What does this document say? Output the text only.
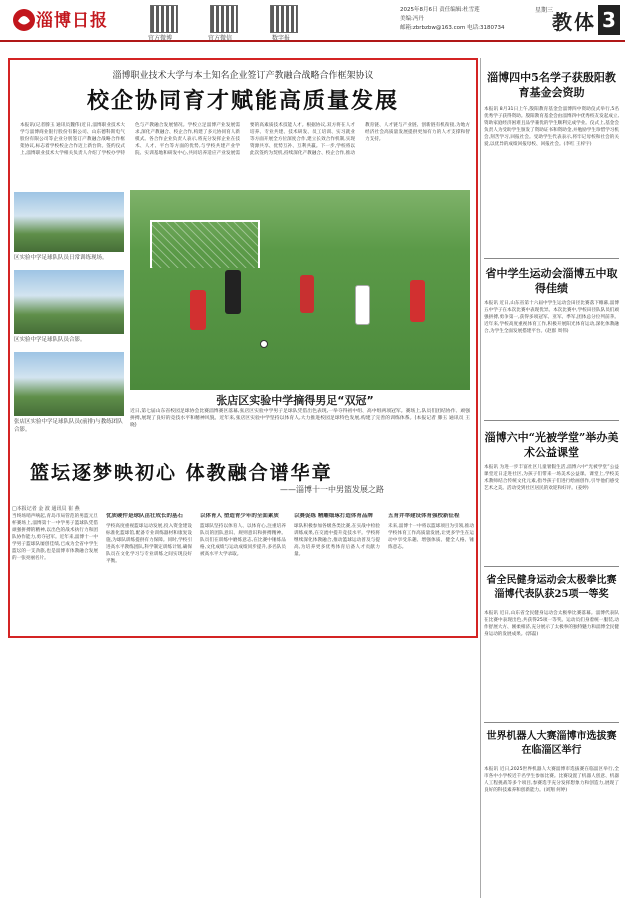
淄博日报
官方微博	官方微信	数字报
2025年8月6日 责任编辑:杜雪莲
美编:冯丹
邮箱:zbrbzbw@163.com 电话:3180734
星期三
教体 3
淄博职业技术大学与本土知名企业签订产教融合战略合作框架协议
校企协同育才赋能高质量发展
本报讯(记者滕玉 通讯员魏伟)近日,淄博职业技术大学与淄博商业银行股份有限公司、山东德科斯电气股份有限公司等企业分别签订产教融合战略合作框架协议,标志着学校校企合作迈上新台阶。签约仪式上,淄博职业技术大学相关负责人介绍了学校办学特色与产教融合发展情况。学校立足淄博产业发展需求,深化产教融合、校企合作,构建了多元协同育人新模式。各合作企业负责人表示,将充分发挥企业在技术、人才、平台等方面的优势,与学校共建产业学院、实训基地和研发中心,共同培养适应产业发展需要的高素质技术技能人才。根据协议,双方将在人才培养、专业共建、技术研发、员工培训、实习就业等方面开展全方位深度合作,建立长效合作机制,实现资源共享、优势互补、互利共赢。下一步,学校将以此次签约为契机,持续深化产教融合、校企合作,推动教育链、人才链与产业链、创新链有机衔接,为地方经济社会高质量发展提供更加有力的人才支撑和智力支持。
区实验中学足球队队员日常训练现场。
区实验中学足球队队员合影。
张店区实验中学足球队队员(前排)与教练团队合影。
张店区实验中学摘得男足“双冠”
近日,第七届山东省校园足球协会比赛淄博赛区落幕,张店区实验中学男子足球队凭借出色表现,一举夺得初中组、高中组两项冠军。赛场上,队员们团结协作、顽强拼搏,展现了良好的竞技水平和精神风貌。近年来,张店区实验中学坚持以体育人,大力推进校园足球特色发展,构建了完善的训练体系。(本报记者 滕玉 通讯员 王晓)
篮坛逐梦映初心 体教融合谱华章
——淄博十一中男篮发展之路
□本报记者 金 波 通讯员 崔 燕
当终场哨声响起,青岛市局管范的男篮元旦杯赛场上,淄博第十一中学男子篮球队凭借顽强拼搏的精神,以出色的战术执行力和团队协作能力,勇夺冠军。近年来,淄博十一中学男子篮球队屡创佳绩,已成为全省中学生篮坛的一支劲旅,也是淄博市体教融合发展的一张亮丽名片。
优质硬件是球队茁壮成长的基石
学校高度重视篮球运动发展,投入资金建设标准化篮球馆,配备专业训练器材和康复设施,为球队训练提供有力保障。同时,学校引进高水平教练团队,科学制定训练计划,确保队员在文化学习与专业训练之间实现良好平衡。
以体育人 塑造青少年的全面素质
篮球队坚持以体育人、以体育心,注重培养队员的团队意识、规则意识和拼搏精神。队员们在训练中磨炼意志,在比赛中锤炼品格,文化成绩与运动成绩同步提升,多名队员被高水平大学录取。
以赛促练 精雕细琢打造体育品牌
球队积极参加各级各类比赛,在实战中检验训练成果,在交流中提升竞技水平。学校将继续深化体教融合,推动篮球运动普及与提高,为培养更多优秀体育后备人才贡献力量。
五育并举建设体育强校新征程
未来,淄博十一中将以篮球项目为引领,推动学校体育工作高质量发展,让更多学生在运动中享受乐趣、增强体质、健全人格、锤炼意志。
淄博四中5名学子获殷阳教育基金会资助
本报讯 8月31日上午,殷阳教育基金会淄博四中资助仪式举行,5名优秀学子获得资助。殷阳教育基金会由淄博四中优秀校友发起成立,资助家庭经济困难且品学兼优的学生顺利完成学业。仪式上,基金会负责人为受助学生颁发了资助证书和资助金,并勉励学生珍惜学习机会,刻苦学习,回报社会。受助学生代表表示,将牢记母校和社会的关爱,以优异的成绩回报母校、回报社会。(李红 王梓宇)
省中学生运动会淄博五中取得佳绩
本报讯 近日,山东省第十六届中学生运动会田径比赛落下帷幕,淄博五中学子在本次比赛中表现优异。本次比赛中,学校田径队队员们顽强拼搏,勇争第一,获得多项冠军、亚军、季军,团体总分位列前茅。近年来,学校高度重视体育工作,积极开展阳光体育运动,深化体教融合,为学生全面发展搭建平台。(赵群 周伟)
淄博六中“光被学堂”举办美术公益课堂
本报讯 为进一步丰富社区儿童暑假生活,淄博六中“光被学堂”公益课堂近日走进社区,为孩子们带来一场美术公益课。课堂上,学校美术教师结合传统文化元素,指导孩子们进行绘画创作,引导他们感受艺术之美。活动受到社区居民的欢迎和好评。(姜婷)
省全民健身运动会太极拳比赛淄博代表队获25项一等奖
本报讯 近日,山东省全民健身运动会太极拳比赛落幕。淄博代表队在比赛中表现出色,共获得25项一等奖。运动员们身着统一服装,动作舒展大方、刚柔相济,充分展示了太极拳的独特魅力和淄博全民健身运动的发展成果。(郭磊)
世界机器人大赛淄博市选拔赛在临淄区举行
本报讯 近日,2025世界机器人大赛淄博市选拔赛在临淄区举行,全市各中小学校近千名学生参加比赛。比赛设置了机器人创意、机器人工程挑战等多个项目,参赛选手充分发挥想象力和创造力,展现了良好的科技素养和创新能力。(刘翔 何婷)
